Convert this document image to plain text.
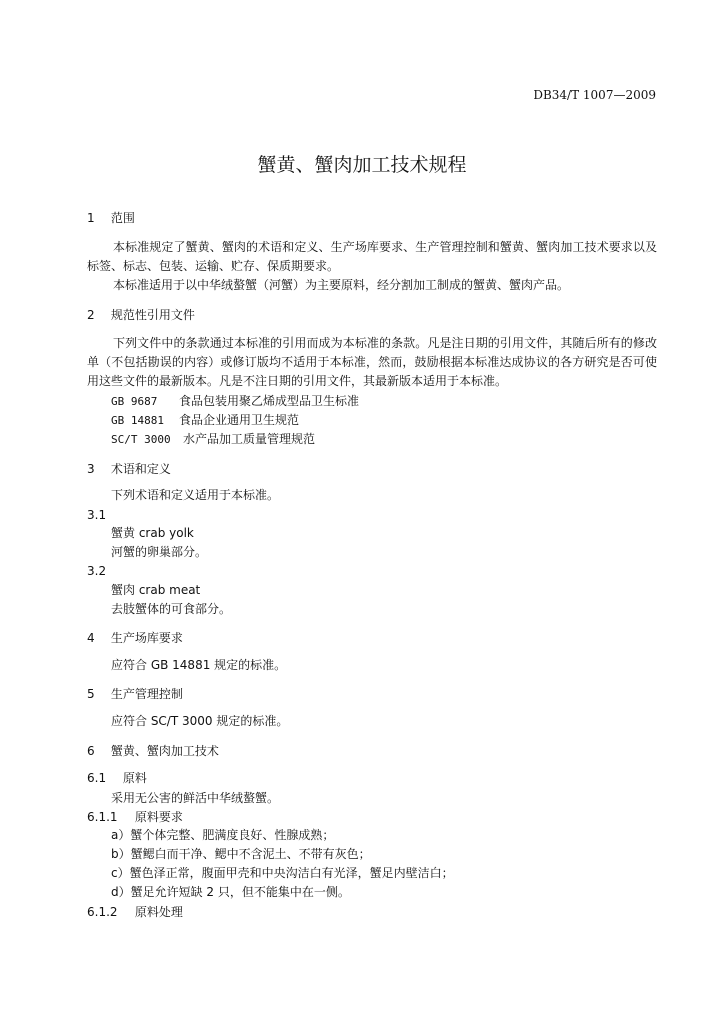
DB34/T 1007—2009
蟹黄、蟹肉加工技术规程
1 范围
本标准规定了蟹黄、蟹肉的术语和定义、生产场库要求、生产管理控制和蟹黄、蟹肉加工技术要求以及标签、标志、包装、运输、贮存、保质期要求。
本标准适用于以中华绒螯蟹（河蟹）为主要原料，经分割加工制成的蟹黄、蟹肉产品。
2 规范性引用文件
下列文件中的条款通过本标准的引用而成为本标准的条款。凡是注日期的引用文件，其随后所有的修改单（不包括勘误的内容）或修订版均不适用于本标准，然而，鼓励根据本标准达成协议的各方研究是否可使用这些文件的最新版本。凡是不注日期的引用文件，其最新版本适用于本标准。
GB 9687 食品包装用聚乙烯成型品卫生标准
GB 14881 食品企业通用卫生规范
SC/T 3000 水产品加工质量管理规范
3 术语和定义
下列术语和定义适用于本标准。
3.1
蟹黄 crab yolk
河蟹的卵巢部分。
3.2
蟹肉 crab meat
去肢蟹体的可食部分。
4 生产场库要求
应符合 GB 14881 规定的标准。
5 生产管理控制
应符合 SC/T 3000 规定的标准。
6 蟹黄、蟹肉加工技术
6.1 原料
采用无公害的鲜活中华绒螯蟹。
6.1.1 原料要求
a）蟹个体完整、肥满度良好、性腺成熟；
b）蟹鳃白而干净、鳃中不含泥土、不带有灰色；
c）蟹色泽正常，腹面甲壳和中央沟洁白有光泽，蟹足内壁洁白；
d）蟹足允许短缺 2 只，但不能集中在一侧。
6.1.2 原料处理
